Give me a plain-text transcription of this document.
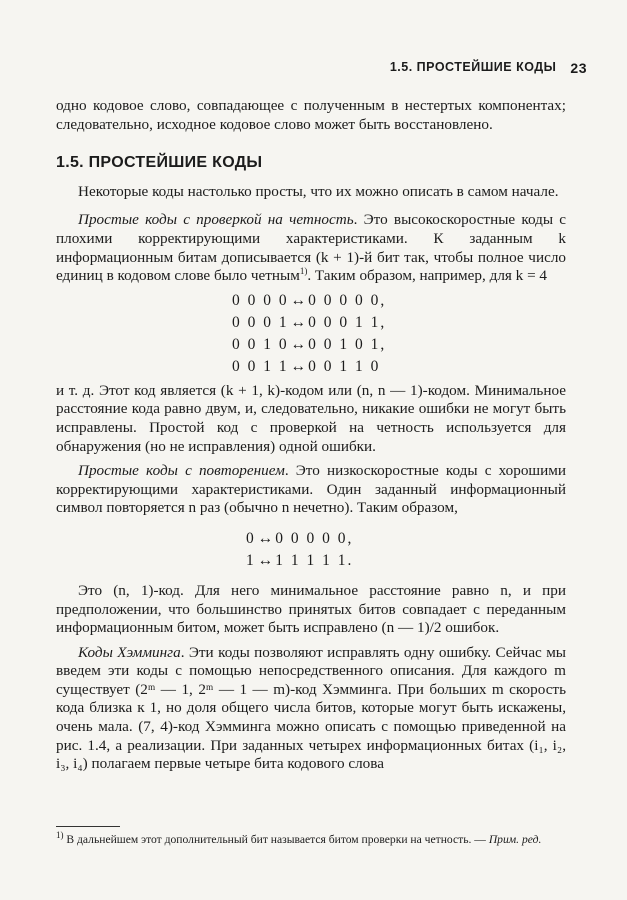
1.5. ПРОСТЕЙШИЕ КОДЫ 23

одно кодовое слово, совпадающее с полученным в нестертых компонентах; следовательно, исходное кодовое слово может быть восстановлено.

1.5. ПРОСТЕЙШИЕ КОДЫ

Некоторые коды настолько просты, что их можно описать в самом начале.

Простые коды с проверкой на четность. Это высокоскоростные коды с плохими корректирующими характеристиками. К заданным k информационным битам дописывается (k + 1)-й бит так, чтобы полное число единиц в кодовом слове было четным$^{1)}$. Таким образом, например, для k = 4

0 0 0 0 ↔ 0 0 0 0 0,
0 0 0 1 ↔ 0 0 0 1 1,
0 0 1 0 ↔ 0 0 1 0 1,
0 0 1 1 ↔ 0 0 1 1 0

и т. д. Этот код является (k + 1, k)-кодом или (n, n — 1)-кодом. Минимальное расстояние кода равно двум, и, следовательно, никакие ошибки не могут быть исправлены. Простой код с проверкой на четность используется для обнаружения (но не исправления) одной ошибки.

Простые коды с повторением. Это низкоскоростные коды с хорошими корректирующими характеристиками. Один заданный информационный символ повторяется n раз (обычно n нечетно). Таким образом,

0 ↔ 0 0 0 0 0,
1 ↔ 1 1 1 1 1.

Это (n, 1)-код. Для него минимальное расстояние равно n, и при предположении, что большинство принятых битов совпадает с переданным информационным битом, может быть исправлено (n — 1)/2 ошибок.

Коды Хэмминга. Эти коды позволяют исправлять одну ошибку. Сейчас мы введем эти коды с помощью непосредственного описания. Для каждого m существует (2ᵐ — 1, 2ᵐ — 1 — m)-код Хэмминга. При больших m скорость кода близка к 1, но доля общего числа битов, которые могут быть искажены, очень мала. (7, 4)-код Хэмминга можно описать с помощью приведенной на рис. 1.4, а реализации. При заданных четырех информационных битах (i₁, i₂, i₃, i₄) полагаем первые четыре бита кодового слова

$^{1)}$ В дальнейшем этот дополнительный бит называется битом проверки на четность. — Прим. ред.
